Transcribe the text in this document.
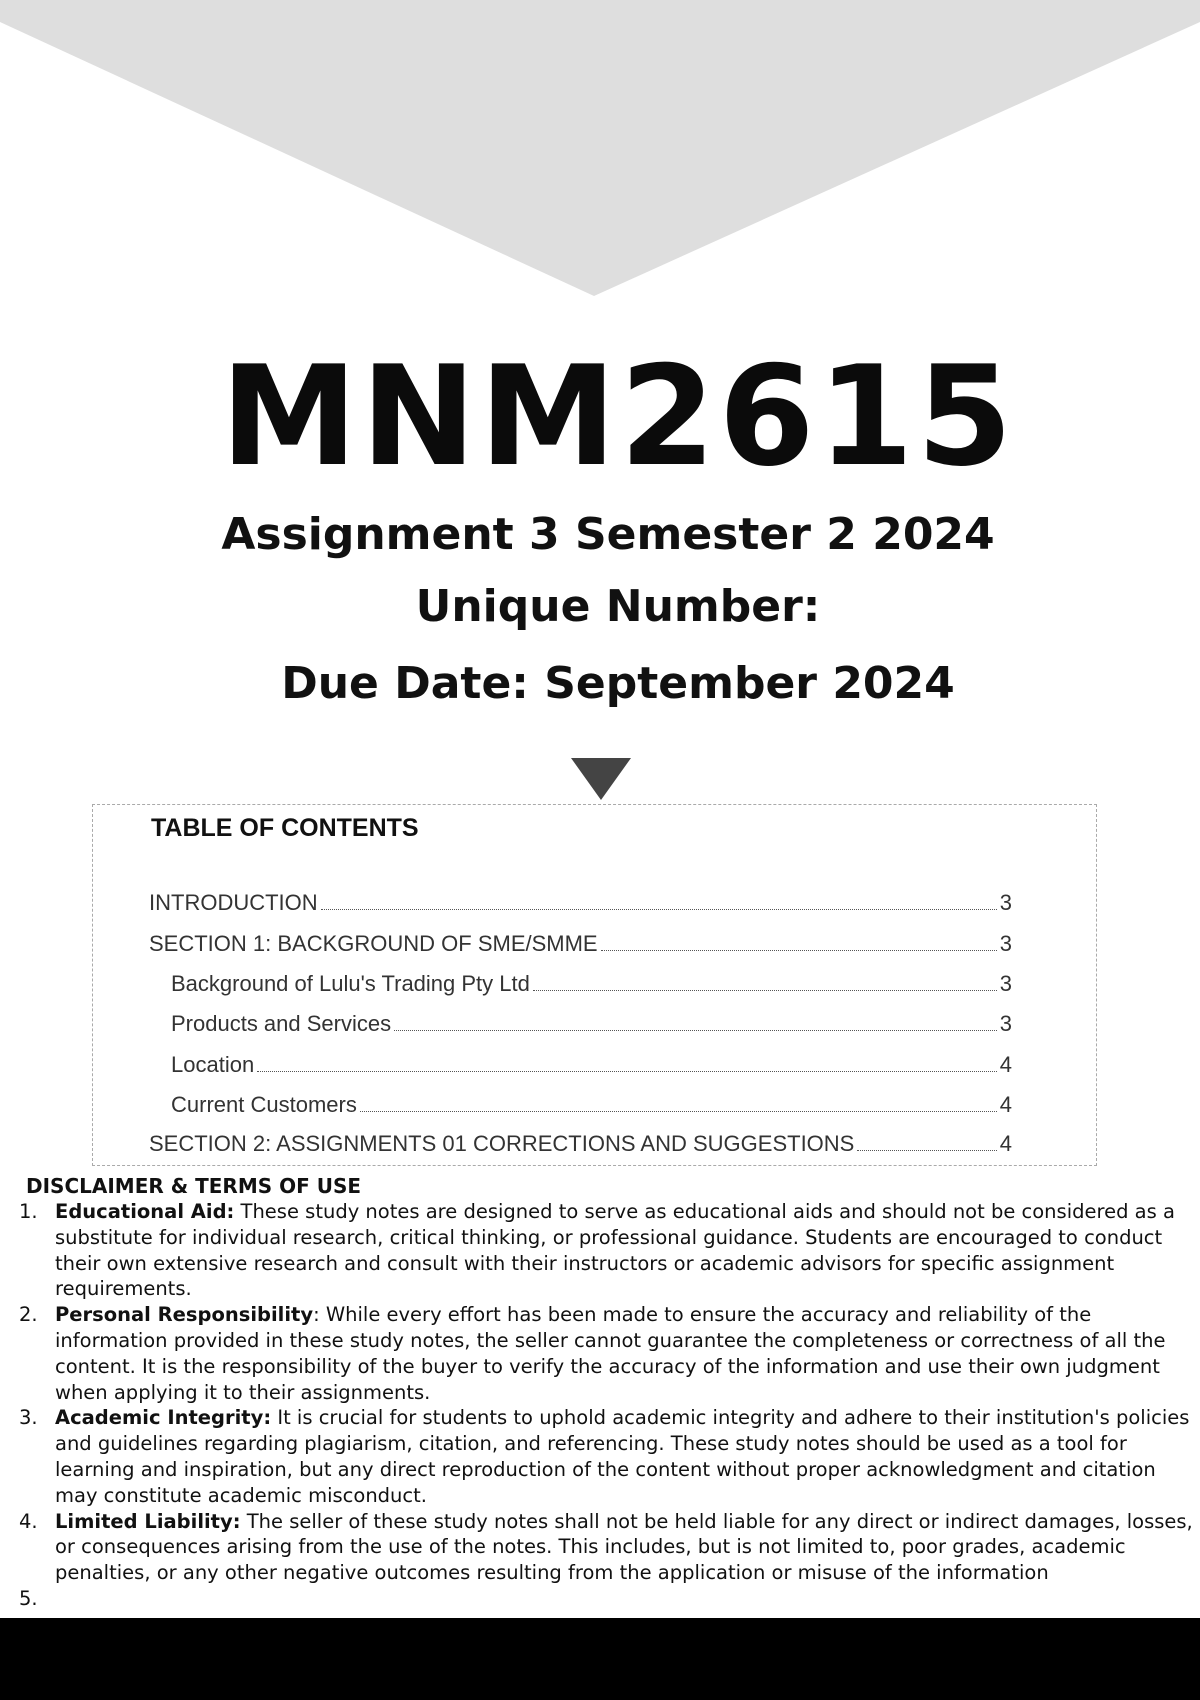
MNM2615
Assignment 3 Semester 2 2024
Unique Number:
Due Date: September 2024
TABLE OF CONTENTS
INTRODUCTION	3
SECTION 1: BACKGROUND OF SME/SMME	3
Background of Lulu's Trading Pty Ltd	3
Products and Services	3
Location	4
Current Customers	4
SECTION 2: ASSIGNMENTS 01 CORRECTIONS AND SUGGESTIONS	4
DISCLAIMER & TERMS OF USE
1. Educational Aid: These study notes are designed to serve as educational aids and should not be considered as a substitute for individual research, critical thinking, or professional guidance. Students are encouraged to conduct their own extensive research and consult with their instructors or academic advisors for specific assignment requirements.
2. Personal Responsibility: While every effort has been made to ensure the accuracy and reliability of the information provided in these study notes, the seller cannot guarantee the completeness or correctness of all the content. It is the responsibility of the buyer to verify the accuracy of the information and use their own judgment when applying it to their assignments.
3. Academic Integrity: It is crucial for students to uphold academic integrity and adhere to their institution's policies and guidelines regarding plagiarism, citation, and referencing. These study notes should be used as a tool for learning and inspiration, but any direct reproduction of the content without proper acknowledgment and citation may constitute academic misconduct.
4. Limited Liability: The seller of these study notes shall not be held liable for any direct or indirect damages, losses, or consequences arising from the use of the notes. This includes, but is not limited to, poor grades, academic penalties, or any other negative outcomes resulting from the application or misuse of the information
5.
